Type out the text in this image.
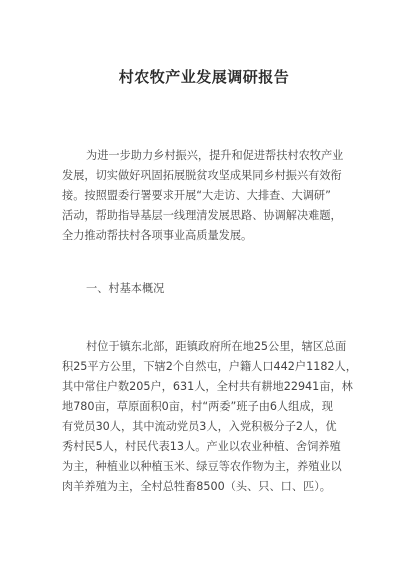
村农牧产业发展调研报告
为进一步助力乡村振兴，提升和促进帮扶村农牧产业
发展，切实做好巩固拓展脱贫攻坚成果同乡村振兴有效衔
接。按照盟委行署要求开展“大走访、大排查、大调研”
活动，帮助指导基层一线理清发展思路、协调解决难题，
全力推动帮扶村各项事业高质量发展。
一、村基本概况
村位于镇东北部，距镇政府所在地25公里，辖区总面
积25平方公里，下辖2个自然屯，户籍人口442户1182人，
其中常住户数205户，631人，全村共有耕地22941亩，林
地780亩，草原面积0亩，村“两委”班子由6人组成，现
有党员30人，其中流动党员3人，入党积极分子2人，优
秀村民5人，村民代表13人。产业以农业种植、舍饲养殖
为主，种植业以种植玉米、绿豆等农作物为主，养殖业以
肉羊养殖为主，全村总牲畜8500（头、只、口、匹）。
